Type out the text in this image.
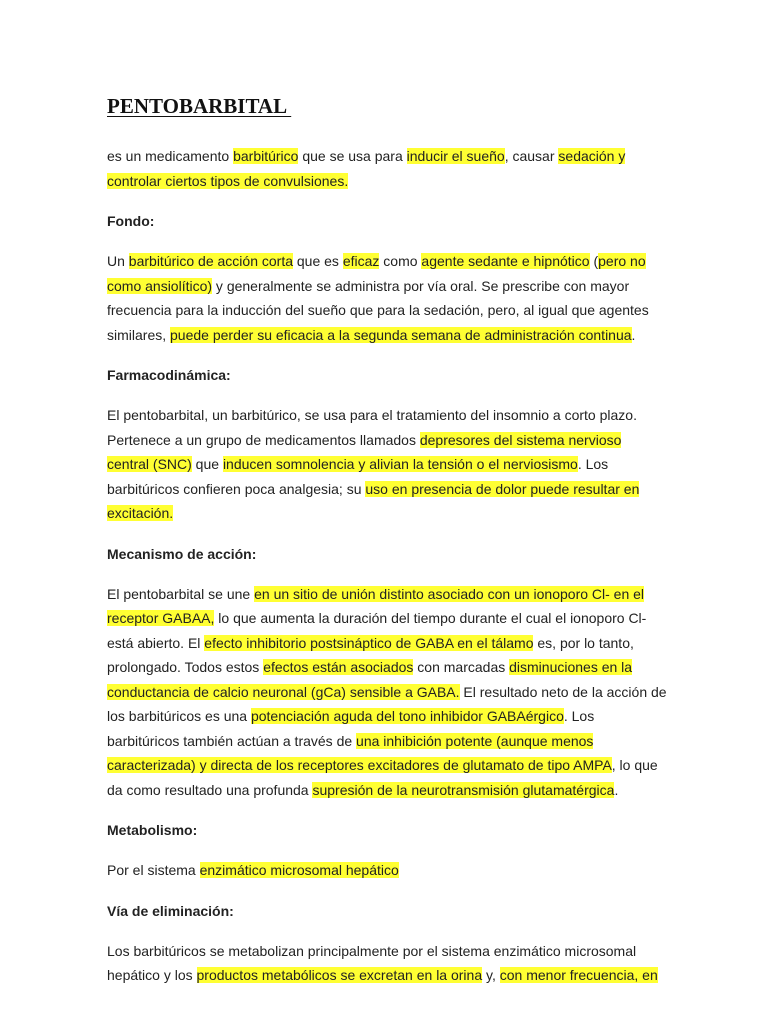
PENTOBARBITAL

es un medicamento barbitúrico que se usa para inducir el sueño, causar sedación y controlar ciertos tipos de convulsiones.

Fondo:

Un barbitúrico de acción corta que es eficaz como agente sedante e hipnótico (pero no como ansiolítico) y generalmente se administra por vía oral. Se prescribe con mayor frecuencia para la inducción del sueño que para la sedación, pero, al igual que agentes similares, puede perder su eficacia a la segunda semana de administración continua.

Farmacodinámica:

El pentobarbital, un barbitúrico, se usa para el tratamiento del insomnio a corto plazo. Pertenece a un grupo de medicamentos llamados depresores del sistema nervioso central (SNC) que inducen somnolencia y alivian la tensión o el nerviosismo. Los barbitúricos confieren poca analgesia; su uso en presencia de dolor puede resultar en excitación.

Mecanismo de acción:

El pentobarbital se une en un sitio de unión distinto asociado con un ionoporo Cl- en el receptor GABAA, lo que aumenta la duración del tiempo durante el cual el ionoporo Cl- está abierto. El efecto inhibitorio postsináptico de GABA en el tálamo es, por lo tanto, prolongado. Todos estos efectos están asociados con marcadas disminuciones en la conductancia de calcio neuronal (gCa) sensible a GABA. El resultado neto de la acción de los barbitúricos es una potenciación aguda del tono inhibidor GABAérgico. Los barbitúricos también actúan a través de una inhibición potente (aunque menos caracterizada) y directa de los receptores excitadores de glutamato de tipo AMPA, lo que da como resultado una profunda supresión de la neurotransmisión glutamatérgica.

Metabolismo:

Por el sistema enzimático microsomal hepático

Vía de eliminación:

Los barbitúricos se metabolizan principalmente por el sistema enzimático microsomal hepático y los productos metabólicos se excretan en la orina y, con menor frecuencia, en
